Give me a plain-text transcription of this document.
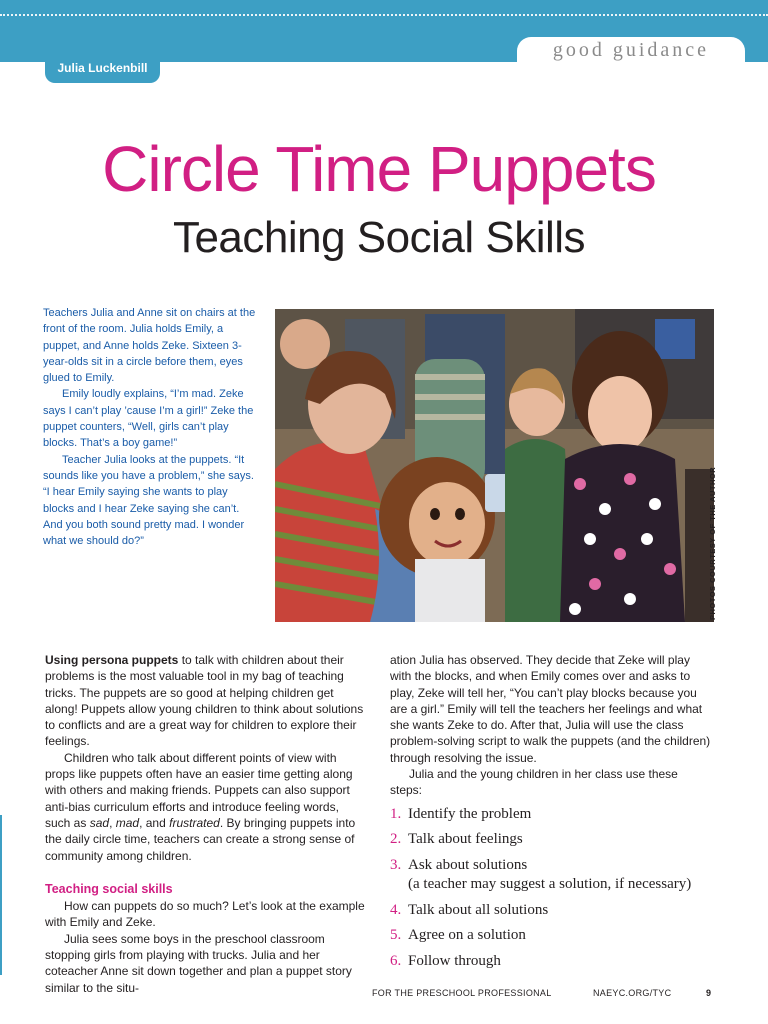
good guidance
Julia Luckenbill
Circle Time Puppets
Teaching Social Skills

Teachers Julia and Anne sit on chairs at the front of the room. Julia holds Emily, a puppet, and Anne holds Zeke. Sixteen 3-year-olds sit in a circle before them, eyes glued to Emily.

Emily loudly explains, “I’m mad. Zeke says I can’t play ’cause I’m a girl!” Zeke the puppet counters, “Well, girls can’t play blocks. That’s a boy game!”

Teacher Julia looks at the puppets. “It sounds like you have a problem,” she says. “I hear Emily saying she wants to play blocks and I hear Zeke saying she can’t. And you both sound pretty mad. I wonder what we should do?”	PHOTOS COURTESY OF THE AUTHOR

Using persona puppets to talk with children about their problems is the most valuable tool in my bag of teaching tricks. The puppets are so good at helping children get along! Puppets allow young children to think about solutions to conflicts and are a great way for children to explore their feelings.

Children who talk about different points of view with props like puppets often have an easier time getting along with others and making friends. Puppets can also support anti-bias curriculum efforts and introduce feeling words, such as sad, mad, and frustrated. By bringing puppets into the daily circle time, teachers can create a strong sense of community among children.

Teaching social skills

How can puppets do so much? Let’s look at the example with Emily and Zeke.

Julia sees some boys in the preschool classroom stopping girls from playing with trucks. Julia and her coteacher Anne sit down together and plan a puppet story similar to the situ-

ation Julia has observed. They decide that Zeke will play with the blocks, and when Emily comes over and asks to play, Zeke will tell her, “You can’t play blocks because you are a girl.” Emily will tell the teachers her feelings and what she wants Zeke to do. After that, Julia will use the class problem-solving script to walk the puppets (and the children) through resolving the issue.

Julia and the young children in her class use these steps:

1. Identify the problem
2. Talk about feelings
3. Ask about solutions
(a teacher may suggest a solution, if necessary)
4. Talk about all solutions
5. Agree on a solution
6. Follow through
FOR THE PRESCHOOL PROFESSIONAL	NAEYC.ORG/TYC	9
